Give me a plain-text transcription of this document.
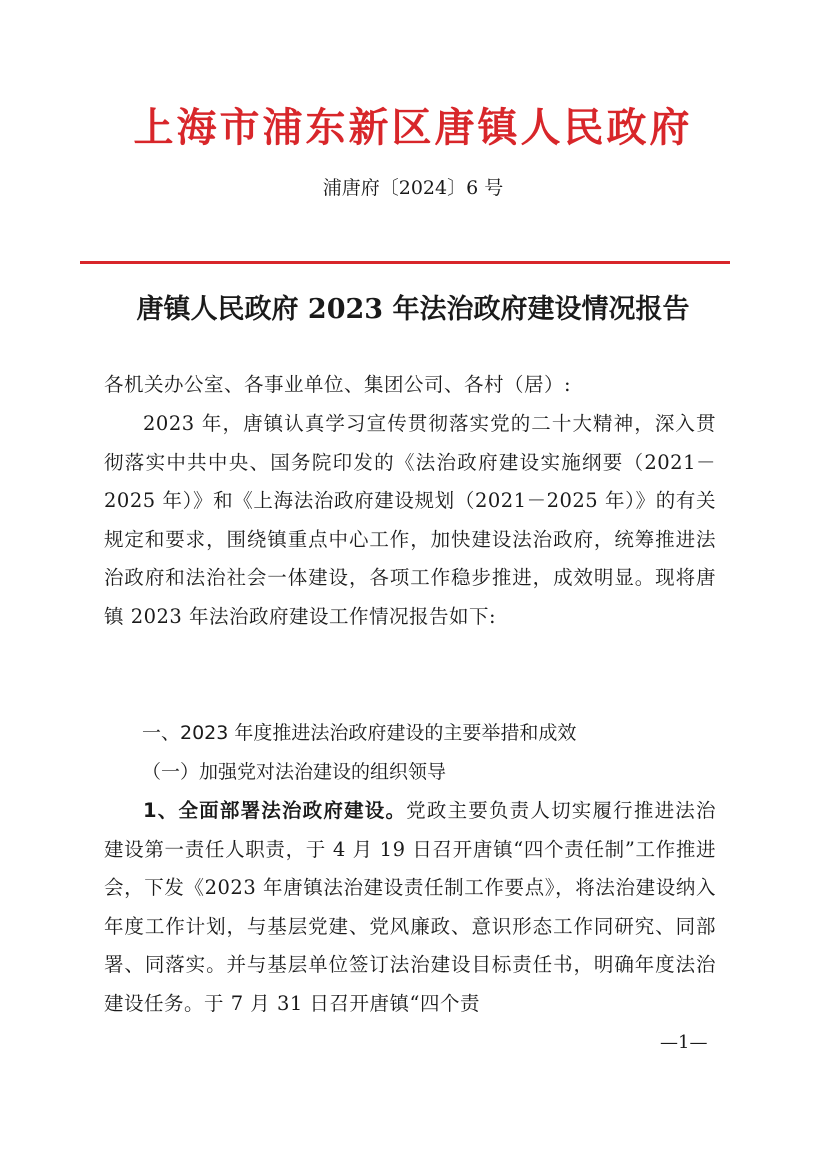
上海市浦东新区唐镇人民政府
浦唐府〔2024〕6 号
唐镇人民政府 2023 年法治政府建设情况报告
各机关办公室、各事业单位、集团公司、各村（居）:
2023 年，唐镇认真学习宣传贯彻落实党的二十大精神，深入贯彻落实中共中央、国务院印发的《法治政府建设实施纲要（2021－2025 年）》和《上海法治政府建设规划（2021－2025 年）》的有关规定和要求，围绕镇重点中心工作，加快建设法治政府，统筹推进法治政府和法治社会一体建设，各项工作稳步推进，成效明显。现将唐镇 2023 年法治政府建设工作情况报告如下:
一、2023 年度推进法治政府建设的主要举措和成效
（一）加强党对法治建设的组织领导
1、全面部署法治政府建设。党政主要负责人切实履行推进法治建设第一责任人职责，于 4 月 19 日召开唐镇“四个责任制”工作推进会，下发《2023 年唐镇法治建设责任制工作要点》，将法治建设纳入年度工作计划，与基层党建、党风廉政、意识形态工作同研究、同部署、同落实。并与基层单位签订法治建设目标责任书，明确年度法治建设任务。于 7 月 31 日召开唐镇“四个责
—1—
